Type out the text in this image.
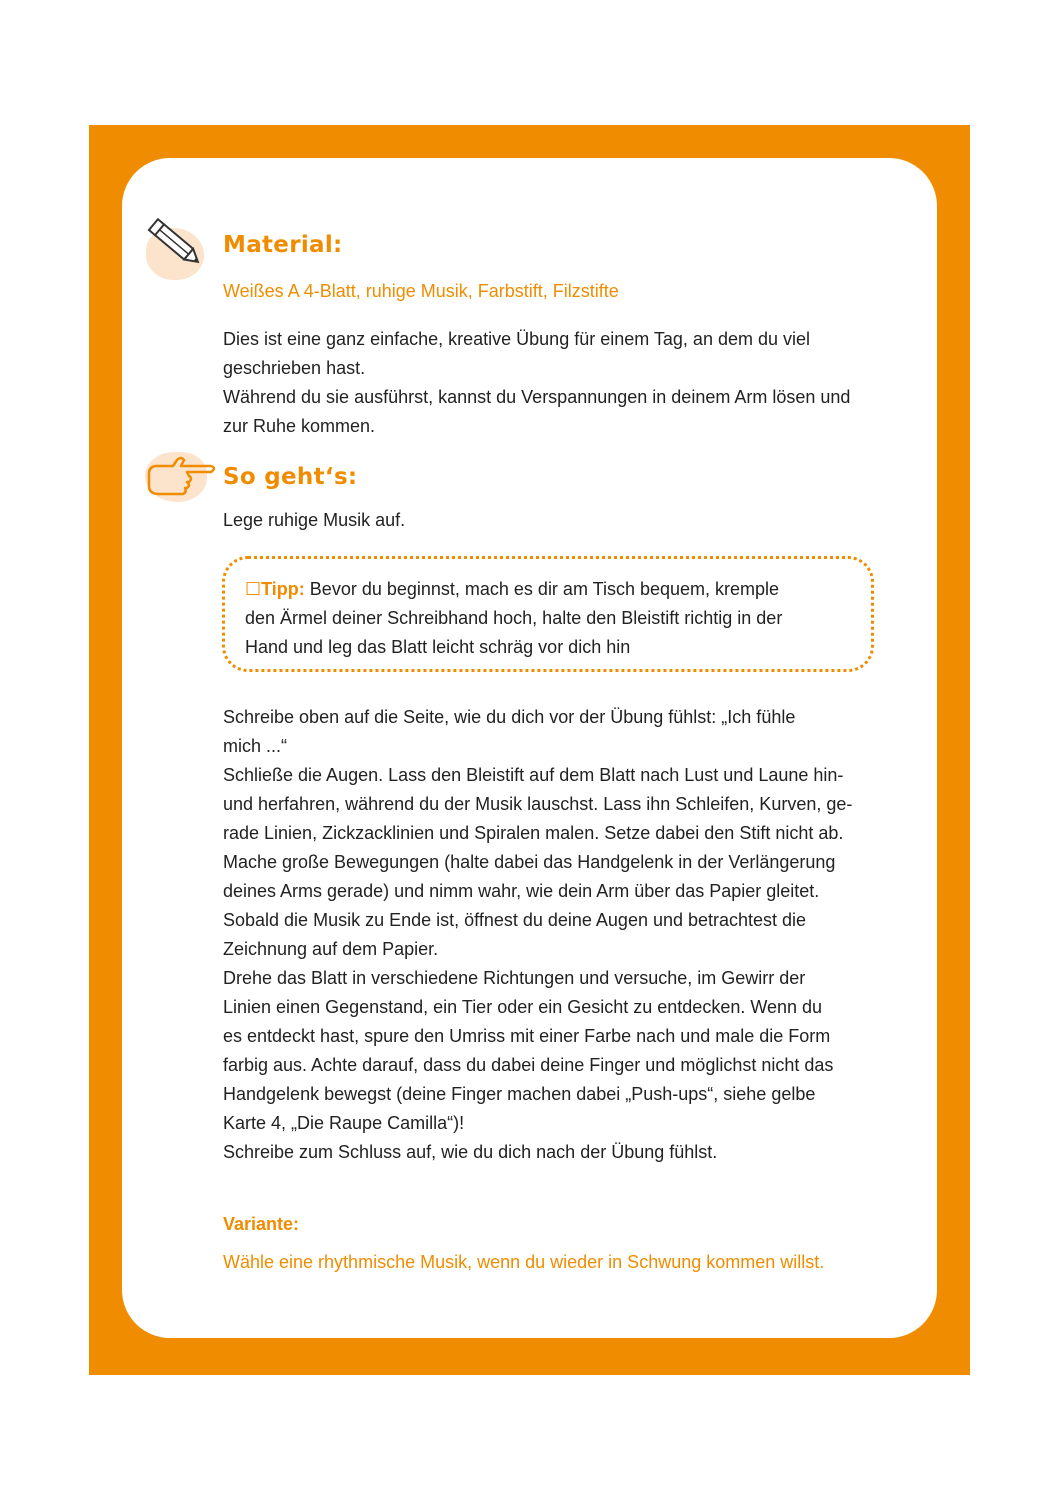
Material:

Weißes A 4-Blatt, ruhige Musik, Farbstift, Filzstifte

Dies ist eine ganz einfache, kreative Übung für einem Tag, an dem du viel
geschrieben hast.
Während du sie ausführst, kannst du Verspannungen in deinem Arm lösen und
zur Ruhe kommen.
So geht‘s:

Lege ruhige Musik auf.

☐Tipp: Bevor du beginnst, mach es dir am Tisch bequem, kremple
den Ärmel deiner Schreibhand hoch, halte den Bleistift richtig in der
Hand und leg das Blatt leicht schräg vor dich hin
Schreibe oben auf die Seite, wie du dich vor der Übung fühlst: „Ich fühle
mich ...“
Schließe die Augen. Lass den Bleistift auf dem Blatt nach Lust und Laune hin-
und herfahren, während du der Musik lauschst. Lass ihn Schleifen, Kurven, ge-
rade Linien, Zickzacklinien und Spiralen malen. Setze dabei den Stift nicht ab.
Mache große Bewegungen (halte dabei das Handgelenk in der Verlängerung
deines Arms gerade) und nimm wahr, wie dein Arm über das Papier gleitet.
Sobald die Musik zu Ende ist, öffnest du deine Augen und betrachtest die
Zeichnung auf dem Papier.
Drehe das Blatt in verschiedene Richtungen und versuche, im Gewirr der
Linien einen Gegenstand, ein Tier oder ein Gesicht zu entdecken. Wenn du
es entdeckt hast, spure den Umriss mit einer Farbe nach und male die Form
farbig aus. Achte darauf, dass du dabei deine Finger und möglichst nicht das
Handgelenk bewegst (deine Finger machen dabei „Push-ups“, siehe gelbe
Karte 4, „Die Raupe Camilla“)!
Schreibe zum Schluss auf, wie du dich nach der Übung fühlst.

Variante:

Wähle eine rhythmische Musik, wenn du wieder in Schwung kommen willst.
